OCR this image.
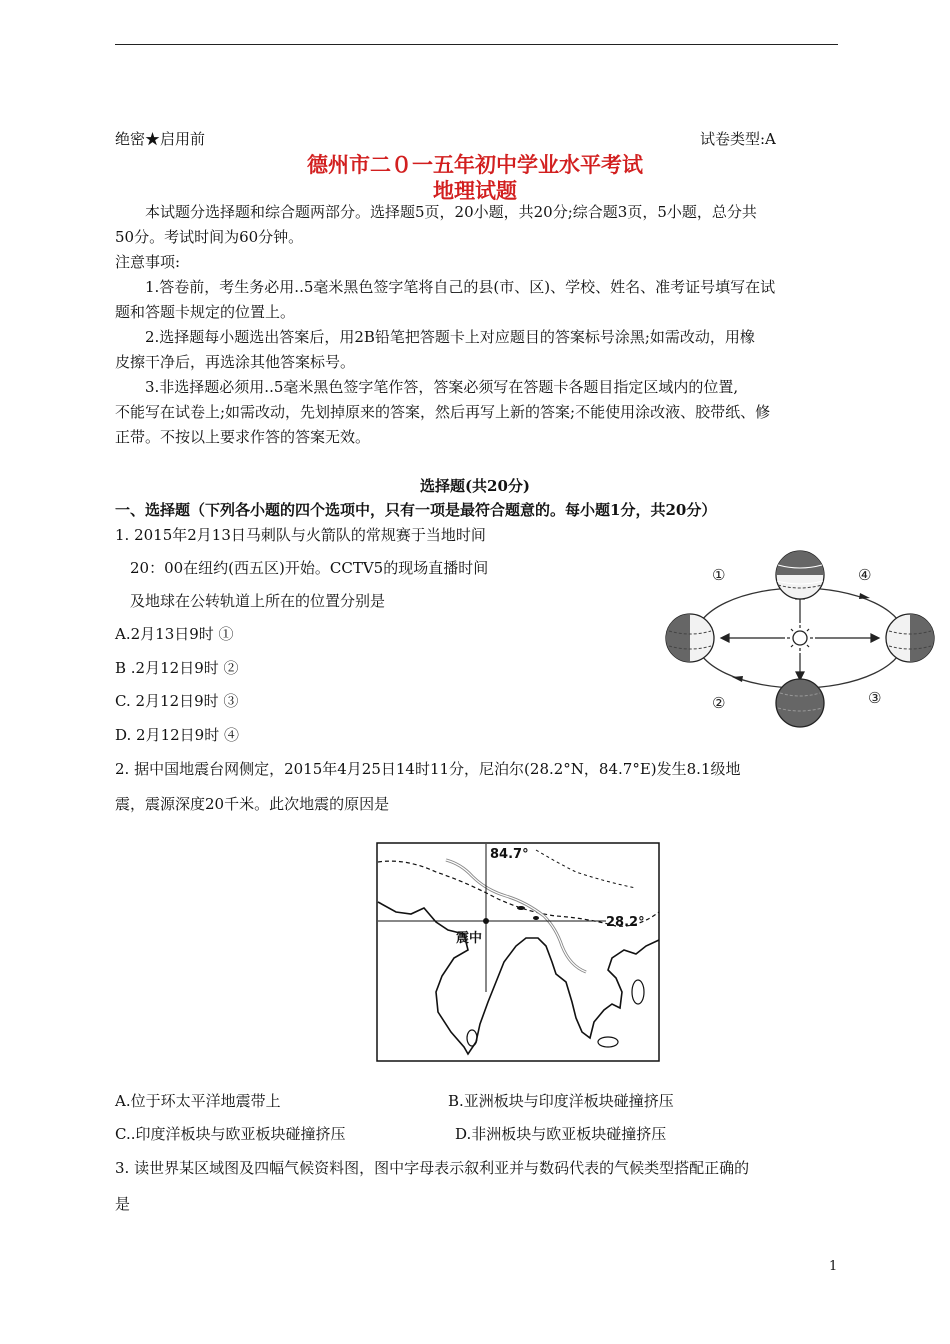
绝密★启用前	试卷类型:A
德州市二０一五年初中学业水平考试
地理试题
本试题分选择题和综合题两部分。选择题5页，20小题，共20分;综合题3页，5小题，总分共
50分。考试时间为60分钟。
注意事项:
1.答卷前，考生务必用..5毫米黑色签字笔将自己的县(市、区)、学校、姓名、准考证号填写在试
题和答题卡规定的位置上。
2.选择题每小题选出答案后，用2B铅笔把答题卡上对应题目的答案标号涂黑;如需改动，用橡
皮擦干净后，再选涂其他答案标号。
3.非选择题必须用..5毫米黑色签字笔作答，答案必须写在答题卡各题目指定区域内的位置,
不能写在试卷上;如需改动，先划掉原来的答案，然后再写上新的答案;不能使用涂改液、胶带纸、修
正带。不按以上要求作答的答案无效。
选择题(共20分)
一、选择题（下列各小题的四个选项中，只有一项是最符合题意的。每小题1分，共20分）
1. 2015年2月13日马刺队与火箭队的常规赛于当地时间
20：00在纽约(西五区)开始。CCTV5的现场直播时间
及地球在公转轨道上所在的位置分别是
A.2月13日9时 ①
B .2月12日9时 ②
C. 2月12日9时 ③
D. 2月12日9时 ④
①
②	③
④
2. 据中国地震台网侧定，2015年4月25日14时11分，尼泊尔(28.2°N，84.7°E)发生8.1级地
震，震源深度20千米。此次地震的原因是
84.7°
28.2°
震中
A.位于环太平洋地震带上	B.亚洲板块与印度洋板块碰撞挤压
C..印度洋板块与欧亚板块碰撞挤压	D.非洲板块与欧亚板块碰撞挤压
3. 读世界某区域图及四幅气候资料图，图中字母表示叙利亚并与数码代表的气候类型搭配正确的
是
1
